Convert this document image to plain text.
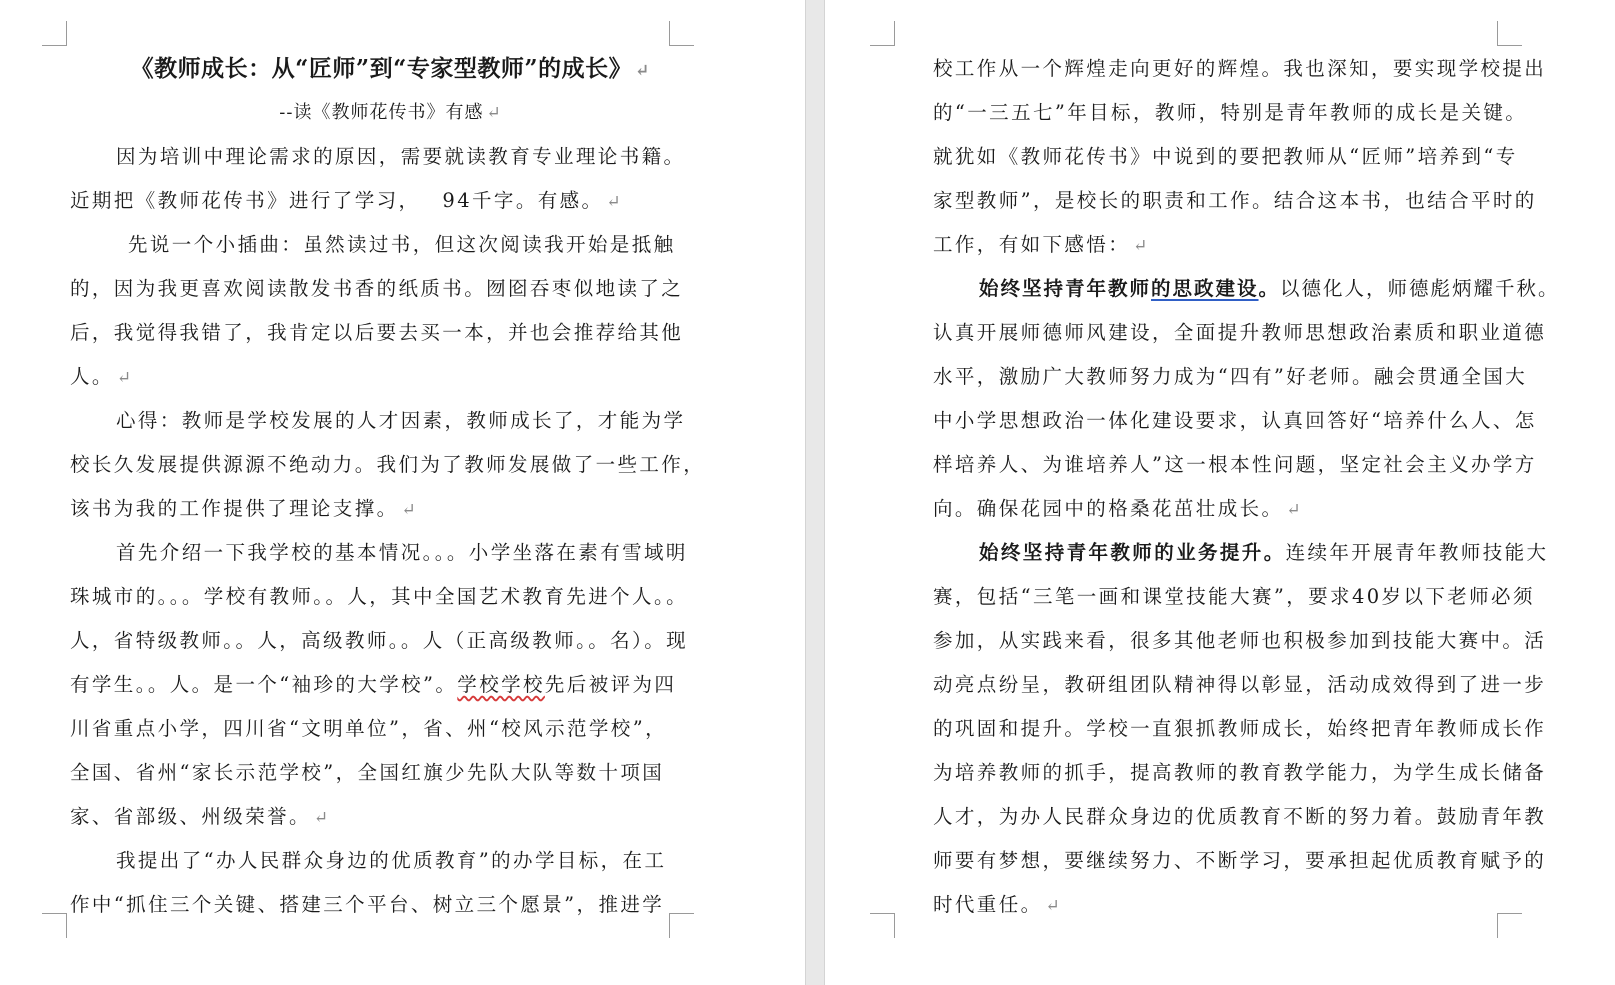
《教师成长：从“匠师”到“专家型教师”的成长》 ↵
--读《教师花传书》有感 ↵
因为培训中理论需求的原因，需要就读教育专业理论书籍。
近期把《教师花传书》进行了学习， 94千字。有感。 ↵
先说一个小插曲：虽然读过书，但这次阅读我开始是抵触
的，因为我更喜欢阅读散发书香的纸质书。囫囵吞枣似地读了之
后，我觉得我错了，我肯定以后要去买一本，并也会推荐给其他
人。 ↵
心得：教师是学校发展的人才因素，教师成长了，才能为学
校长久发展提供源源不绝动力。我们为了教师发展做了一些工作，
该书为我的工作提供了理论支撑。 ↵
首先介绍一下我学校的基本情况。。。小学坐落在素有雪域明
珠城市的。。。学校有教师。。人，其中全国艺术教育先进个人。。
人，省特级教师。。人，高级教师。。人（正高级教师。。名）。现
有学生。。人。是一个“袖珍的大学校”。学校学校先后被评为四
川省重点小学，四川省“文明单位”，省、州“校风示范学校”，
全国、省州“家长示范学校”，全国红旗少先队大队等数十项国
家、省部级、州级荣誉。 ↵
我提出了“办人民群众身边的优质教育”的办学目标，在工
作中“抓住三个关键、搭建三个平台、树立三个愿景”，推进学
校工作从一个辉煌走向更好的辉煌。我也深知，要实现学校提出
的“一三五七”年目标，教师，特别是青年教师的成长是关键。
就犹如《教师花传书》中说到的要把教师从“匠师”培养到“专
家型教师”，是校长的职责和工作。结合这本书，也结合平时的
工作，有如下感悟： ↵
始终坚持青年教师的思政建设。以德化人，师德彪炳耀千秋。
认真开展师德师风建设，全面提升教师思想政治素质和职业道德
水平，激励广大教师努力成为“四有”好老师。融会贯通全国大
中小学思想政治一体化建设要求，认真回答好“培养什么人、怎
样培养人、为谁培养人”这一根本性问题，坚定社会主义办学方
向。确保花园中的格桑花茁壮成长。 ↵
始终坚持青年教师的业务提升。连续年开展青年教师技能大
赛，包括“三笔一画和课堂技能大赛”，要求40岁以下老师必须
参加，从实践来看，很多其他老师也积极参加到技能大赛中。活
动亮点纷呈，教研组团队精神得以彰显，活动成效得到了进一步
的巩固和提升。学校一直狠抓教师成长，始终把青年教师成长作
为培养教师的抓手，提高教师的教育教学能力，为学生成长储备
人才，为办人民群众身边的优质教育不断的努力着。鼓励青年教
师要有梦想，要继续努力、不断学习，要承担起优质教育赋予的
时代重任。 ↵
